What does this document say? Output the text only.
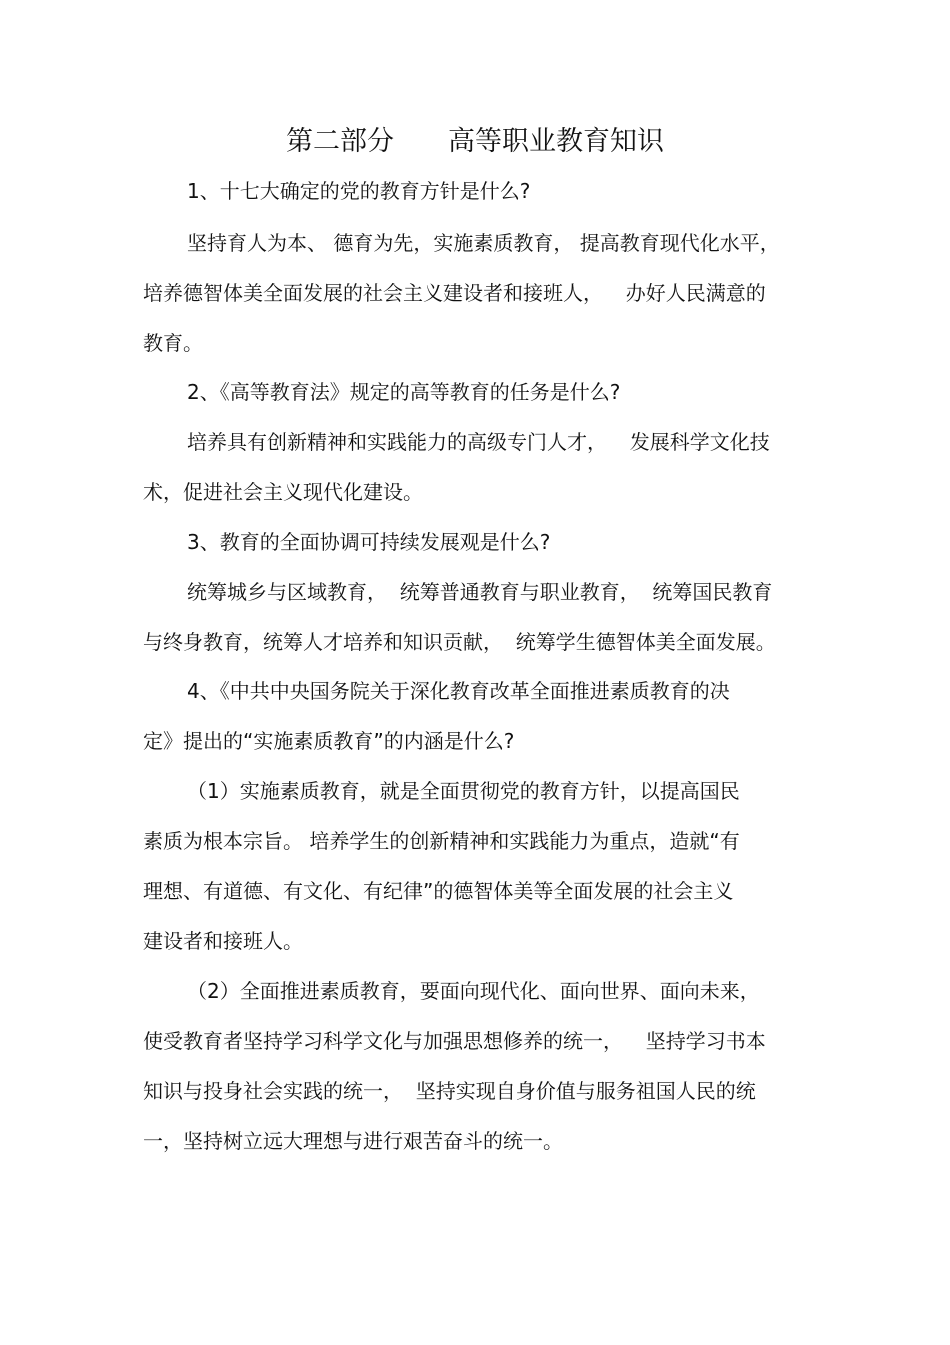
第二部分　　高等职业教育知识
1、十七大确定的党的教育方针是什么?
坚持育人为本、 德育为先，实施素质教育， 提高教育现代化水平，
培养德智体美全面发展的社会主义建设者和接班人，　  办好人民满意的
教育。
2、《高等教育法》规定的高等教育的任务是什么?
培养具有创新精神和实践能力的高级专门人才，　  发展科学文化技
术，促进社会主义现代化建设。
3、教育的全面协调可持续发展观是什么?
统筹城乡与区域教育，  统筹普通教育与职业教育，  统筹国民教育
与终身教育，统筹人才培养和知识贡献，  统筹学生德智体美全面发展。
4、《中共中央国务院关于深化教育改革全面推进素质教育的决
定》提出的“实施素质教育”的内涵是什么?
（1）实施素质教育，就是全面贯彻党的教育方针，以提高国民
素质为根本宗旨。 培养学生的创新精神和实践能力为重点，造就“有
理想、有道德、有文化、有纪律”的德智体美等全面发展的社会主义
建设者和接班人。
（2）全面推进素质教育，要面向现代化、面向世界、面向未来，
使受教育者坚持学习科学文化与加强思想修养的统一，　  坚持学习书本
知识与投身社会实践的统一，  坚持实现自身价值与服务祖国人民的统
一，坚持树立远大理想与进行艰苦奋斗的统一。
